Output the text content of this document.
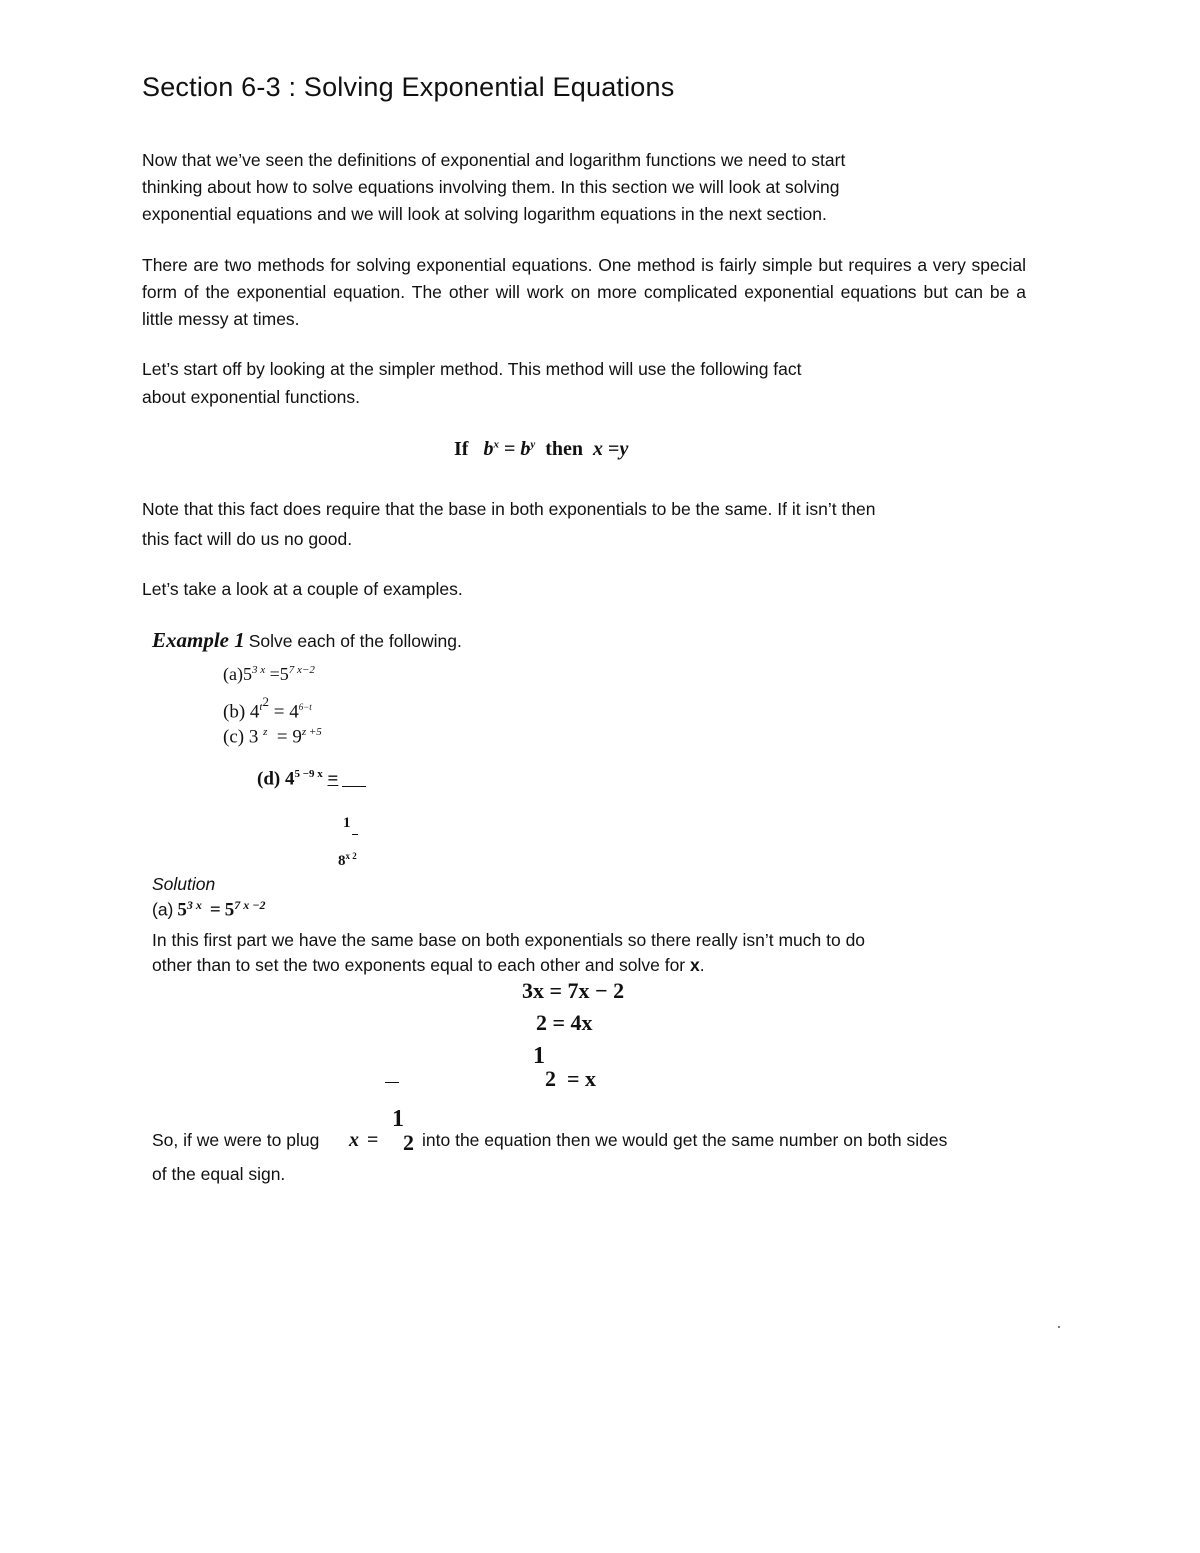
Section 6-3 : Solving Exponential Equations
Now that we’ve seen the definitions of exponential and logarithm functions we need to start
thinking about how to solve equations involving them. In this section we will look at solving
exponential equations and we will look at solving logarithm equations in the next section.
There are two methods for solving exponential equations. One method is fairly simple but requires a very special form of the exponential equation. The other will work on more complicated exponential equations but can be a little messy at times.
Let’s start off by looking at the simpler method. This method will use the following fact
about exponential functions.
If $b^x = b^y$ then x =y
Note that this fact does require that the base in both exponentials to be the same. If it isn’t then
this fact will do us no good.
Let’s take a look at a couple of examples.
Example 1 Solve each of the following.
$(a)5^{3 x} =5^{7 x-2}$
(b) $4^{t2} = 4^{6-t}$
(c) 3 $^z = 9^{z +5}$
(d) $4^{5 -9 x}$ =
1
$8^{x 2}$
Solution
(a) $5^{3 x} = 5^{7 x -2}$
In this first part we have the same base on both exponentials so there really isn’t much to do
other than to set the two exponents equal to each other and solve for x.
3x = 7x − 2
2 = 4x
1
2 = x
So, if we were to plug x =
1
2 into the equation then we would get the same number on both sides
of the equal sign.
